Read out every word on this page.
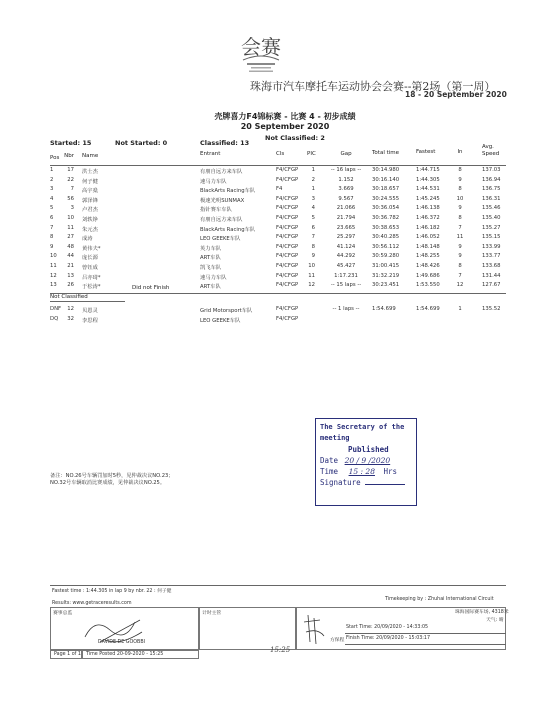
会赛
珠海市汽车摩托车运动协会会赛--第2场（第一周）
18 - 20 September 2020
壳牌喜力F4锦标赛 - 比赛 4 - 初步成绩
20 September 2020
Started: 15	Not Started: 0	Classified: 13
Not Classified: 2
Avg.
Pos Nbr Name	Entrant	Cls	PIC	Gap	Total time	Fastest	In	Speed
1	17 洪士杰	有朋自远方来车队	F4/CFGP	1	-- 16 laps --	30:14.980	1:44.715	8	137.03
2	22 何子健	速马力车队	F4/CFGP	2	1.152	30:16.140	1:44.305	9	136.94
3	7 高宇燊	BlackArts Racing车队	F4	1	3.669	30:18.657	1:44.531	8	136.75
4	56 郭泽锋	极速光明SUNMAX	F4/CFGP	3	9.567	30:24.555	1:45.245	10	136.31
5	3 卢君杰	指针赛车车队	F4/CFGP	4	21.066	30:36.054	1:46.138	9	135.46
6	10 刘轶铮	有朋自远方来车队	F4/CFGP	5	21.794	30:36.782	1:46.372	8	135.40
7	11 朱元杰	BlackArts Racing车队	F4/CFGP	6	23.665	30:38.653	1:46.182	7	135.27
8	27 成涛	LEO GEEKE车队	F4/CFGP	7	25.297	30:40.285	1:46.052	11	135.15
9	48 黄伟夫*	英力车队	F4/CFGP	8	41.124	30:56.112	1:48.148	9	133.99
10	44 庞长源	ART车队	F4/CFGP	9	44.292	30:59.280	1:48.255	9	133.77
11	21 曾钰成	凯飞车队	F4/CFGP 10	45.427	31:00.415	1:48.426	8	133.68
12	13 吕亦琦*	速马力车队	F4/CFGP 11	1:17.231	31:32.219	1:49.686	7	131.44
13	26 于松涛*	ART车队	F4/CFGP 12	-- 15 laps --	30:23.451	1:53.550	12	127.67
Did not Finish
Not Classified
DNF	12 贝恩灵	Grid Motorsport车队	F4/CFGP	-- 1 laps --	1:54.699	1:54.699	1	135.52
DQ	32 李思程	LEO GEEKE车队	F4/CFGP
备注：NO.26号车辆罚加时5秒，见仲裁决议NO.23；
NO.32号车辆取消比赛成绩，见仲裁决议NO.25。
The Secretary of the meeting
Published
Date 20 / 9 /2020
Time 15 : 28 Hrs
Signature
Fastest time : 1:44.305 in lap 9 by nbr. 22 : 何子健
Results: www.getraceresults.com
Timekeeping by : Zhuhai International Circuit
赛事总监	计时主管	珠海国际赛车场, 4318米
天气: 晴
DAVIDE DE GOOBBI
Start Time: 20/09/2020 - 14:33:05
方保程 Finish Time: 20/09/2020 - 15:03:17
Page 1 of 1 Time Posted 20-09-2020 - 15:25
15:25
